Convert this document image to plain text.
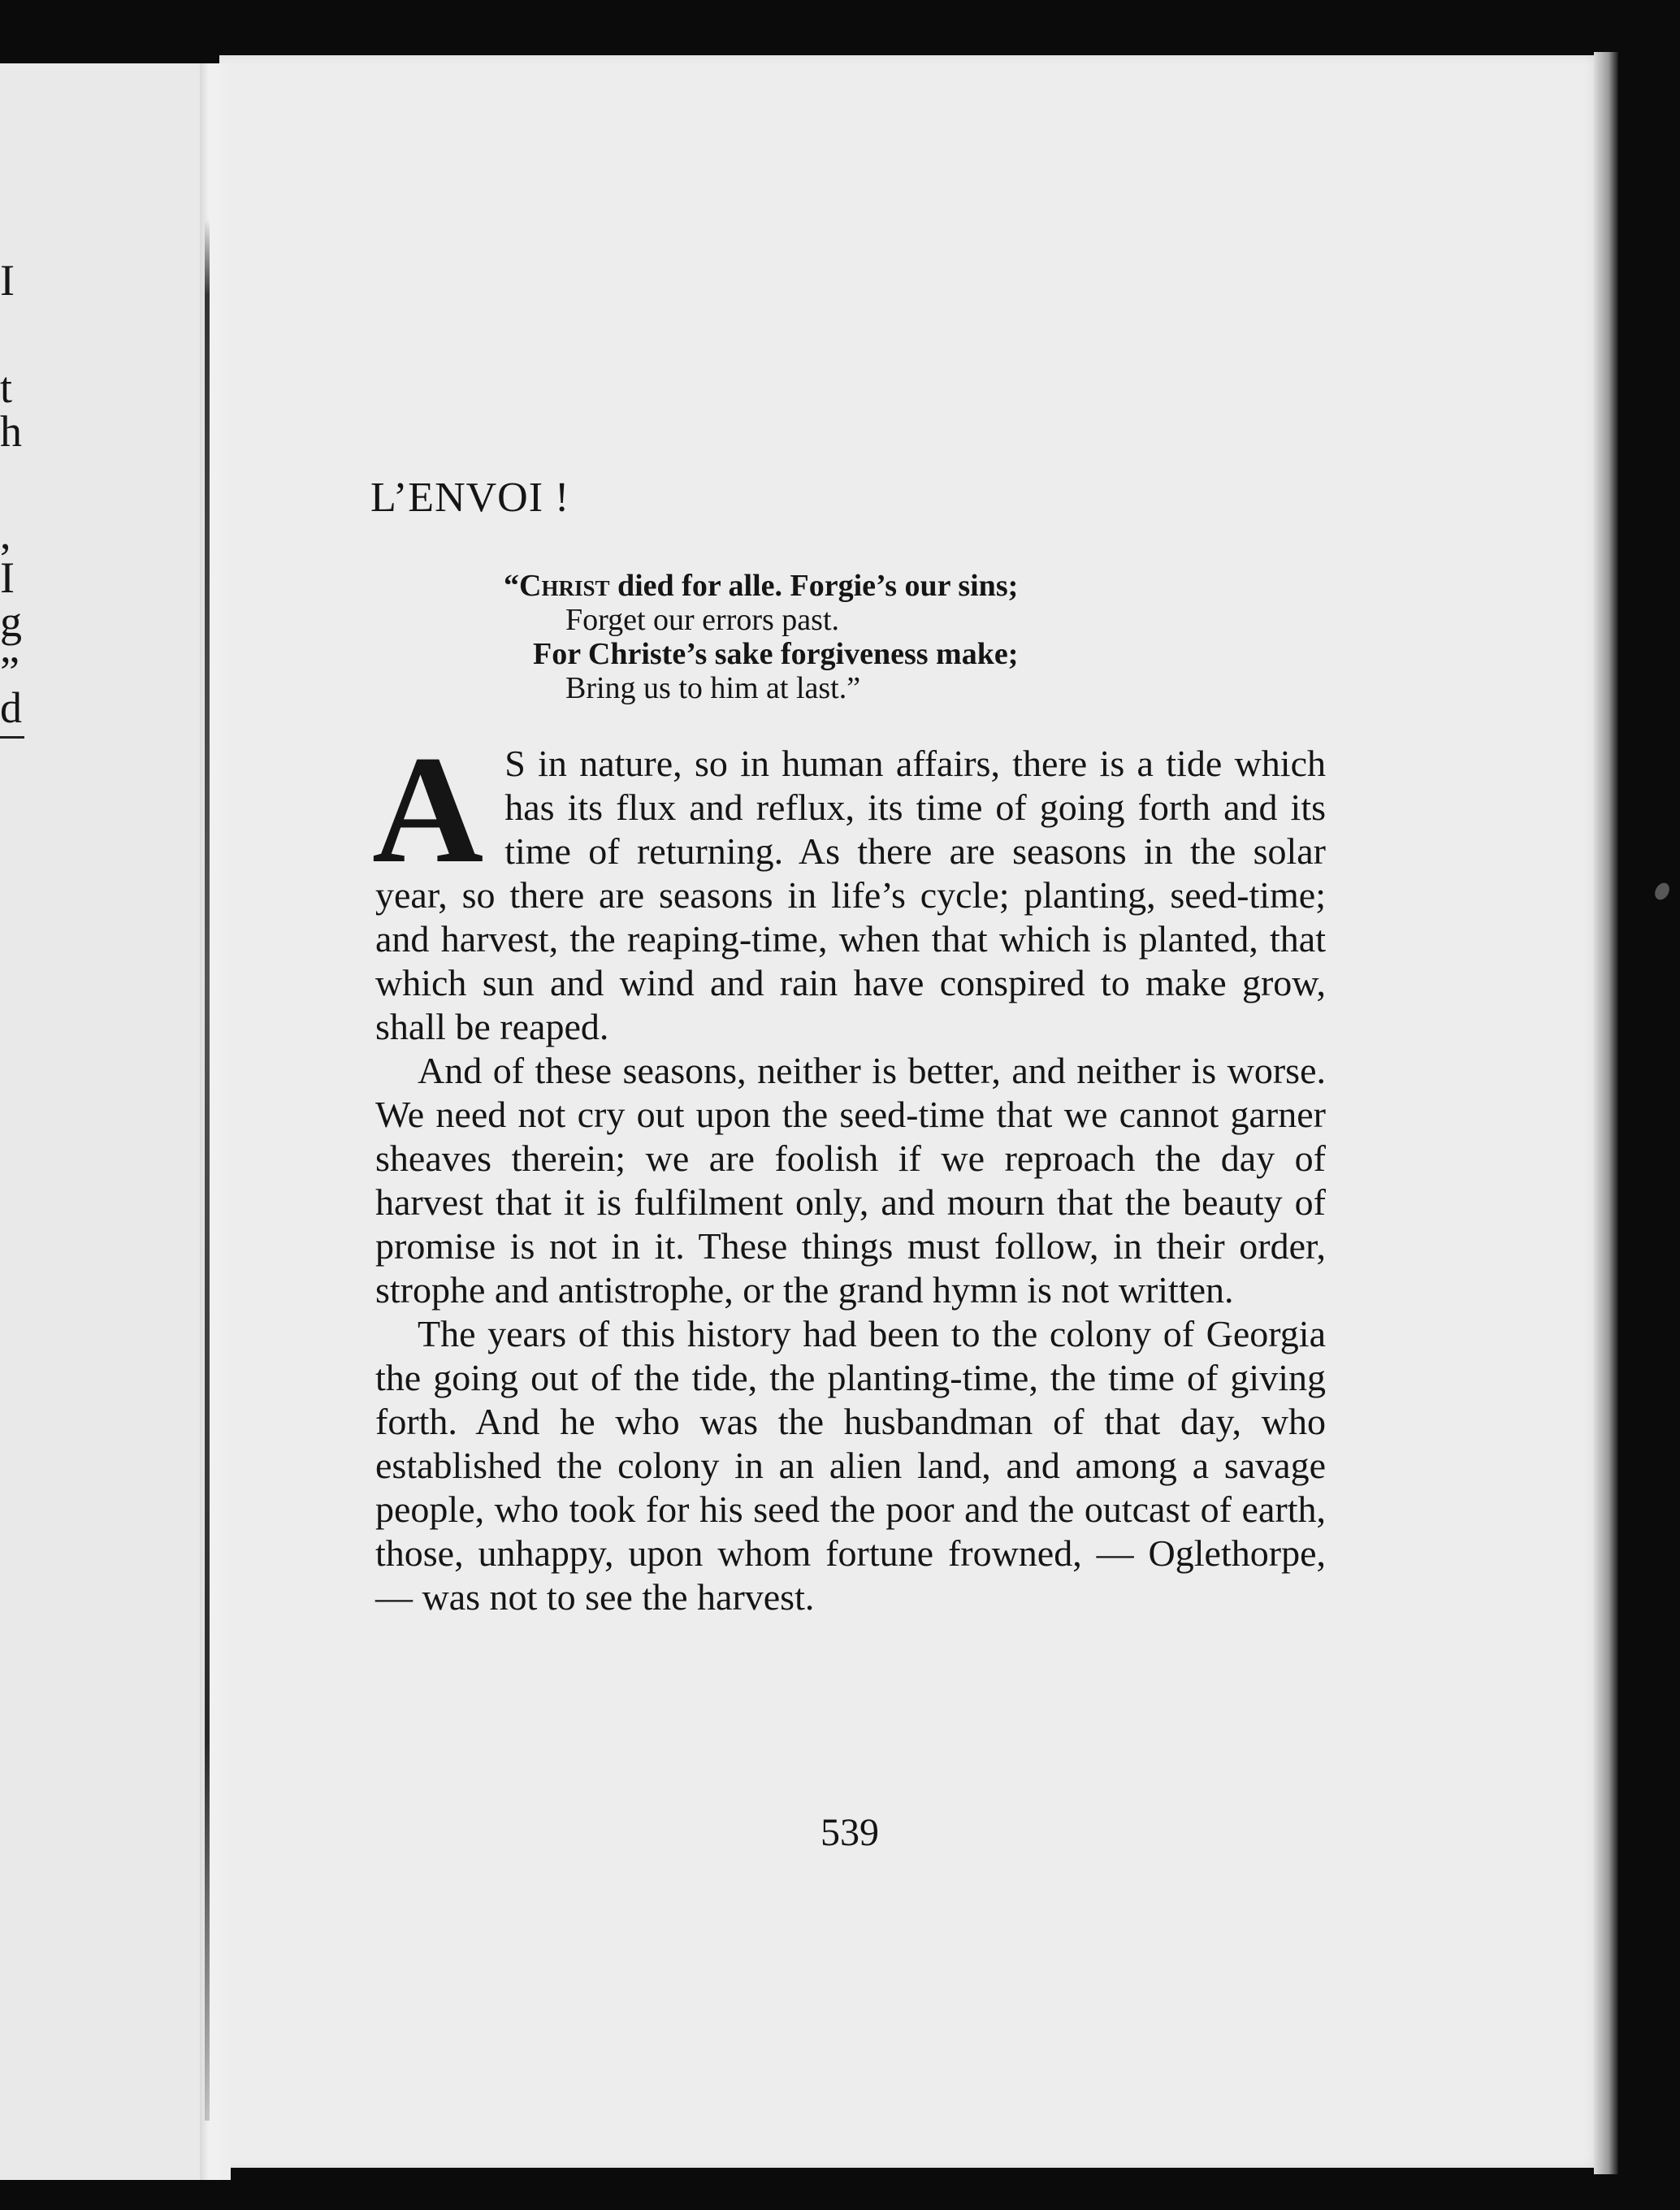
I
t
h
,
I
g
”
d
L’ENVOI !
“Christ died for alle. Forgie’s our sins;
Forget our errors past.
For Christe’s sake forgiveness make;
Bring us to him at last.”

A S in nature, so in human affairs, there is a tide which has its flux and reflux, its time of going forth and its time of returning. As there are seasons in the solar year, so there are seasons in life’s cycle; planting, seed-time; and harvest, the reaping-time, when that which is planted, that which sun and wind and rain have conspired to make grow, shall be reaped.

And of these seasons, neither is better, and neither is worse. We need not cry out upon the seed-time that we cannot garner sheaves therein; we are foolish if we reproach the day of harvest that it is fulfilment only, and mourn that the beauty of promise is not in it. These things must follow, in their order, strophe and antistrophe, or the grand hymn is not written.

The years of this history had been to the colony of Georgia the going out of the tide, the planting-time, the time of giving forth. And he who was the husbandman of that day, who established the colony in an alien land, and among a savage people, who took for his seed the poor and the outcast of earth, those, unhappy, upon whom fortune frowned, — Oglethorpe, — was not to see the harvest.

539
